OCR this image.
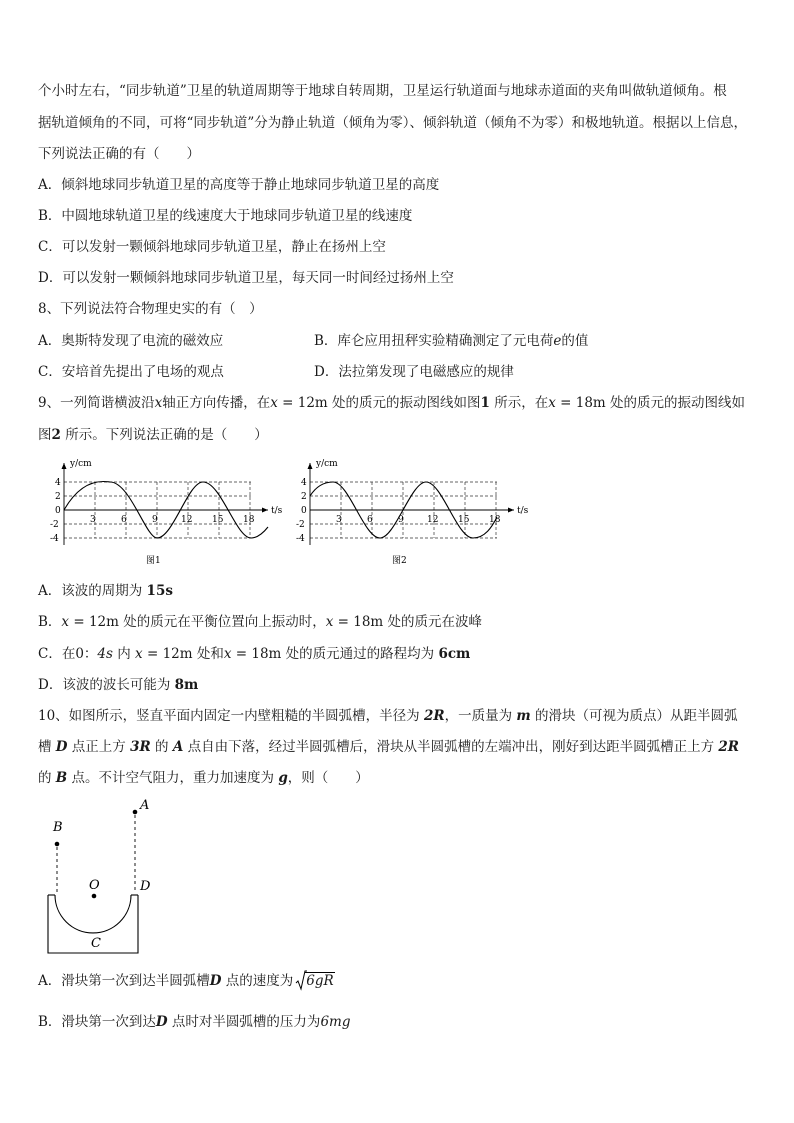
个小时左右，“同步轨道”卫星的轨道周期等于地球自转周期，卫星运行轨道面与地球赤道面的夹角叫做轨道倾角。根
据轨道倾角的不同，可将“同步轨道”分为静止轨道（倾角为零）、倾斜轨道（倾角不为零）和极地轨道。根据以上信息，
下列说法正确的有（　　）
A．倾斜地球同步轨道卫星的高度等于静止地球同步轨道卫星的高度
B．中圆地球轨道卫星的线速度大于地球同步轨道卫星的线速度
C．可以发射一颗倾斜地球同步轨道卫星，静止在扬州上空
D．可以发射一颗倾斜地球同步轨道卫星，每天同一时间经过扬州上空
8、下列说法符合物理史实的有（　）
A．奥斯特发现了电流的磁效应	B．库仑应用扭秤实验精确测定了元电荷e的值
C．安培首先提出了电场的观点	D．法拉第发现了电磁感应的规律
9、一列简谐横波沿x轴正方向传播，在x = 12m 处的质元的振动图线如图1 所示，在x = 18m 处的质元的振动图线如
图2 所示。下列说法正确的是（　　）
y/cm
t/s
4
2
0
-2
-4
3	6	9	12 15 18
图1
y/cm
t/s
4
2
0
-2
-4
3	6	9	12 15 18
图2
A．该波的周期为 15s
B．x = 12m 处的质元在平衡位置向上振动时，x = 18m 处的质元在波峰
C．在0：4s 内 x = 12m 处和x = 18m 处的质元通过的路程均为 6cm
D．该波的波长可能为 8m
10、如图所示，竖直平面内固定一内壁粗糙的半圆弧槽，半径为 2R，一质量为 m 的滑块（可视为质点）从距半圆弧
槽 D 点正上方 3R 的 A 点自由下落，经过半圆弧槽后，滑块从半圆弧槽的左端冲出，刚好到达距半圆弧槽正上方 2R
的 B 点。不计空气阻力，重力加速度为 g，则（　　）
B
A
O	D
C
A．滑块第一次到达半圆弧槽D 点的速度为 6gR
B．滑块第一次到达D 点时对半圆弧槽的压力为6mg
